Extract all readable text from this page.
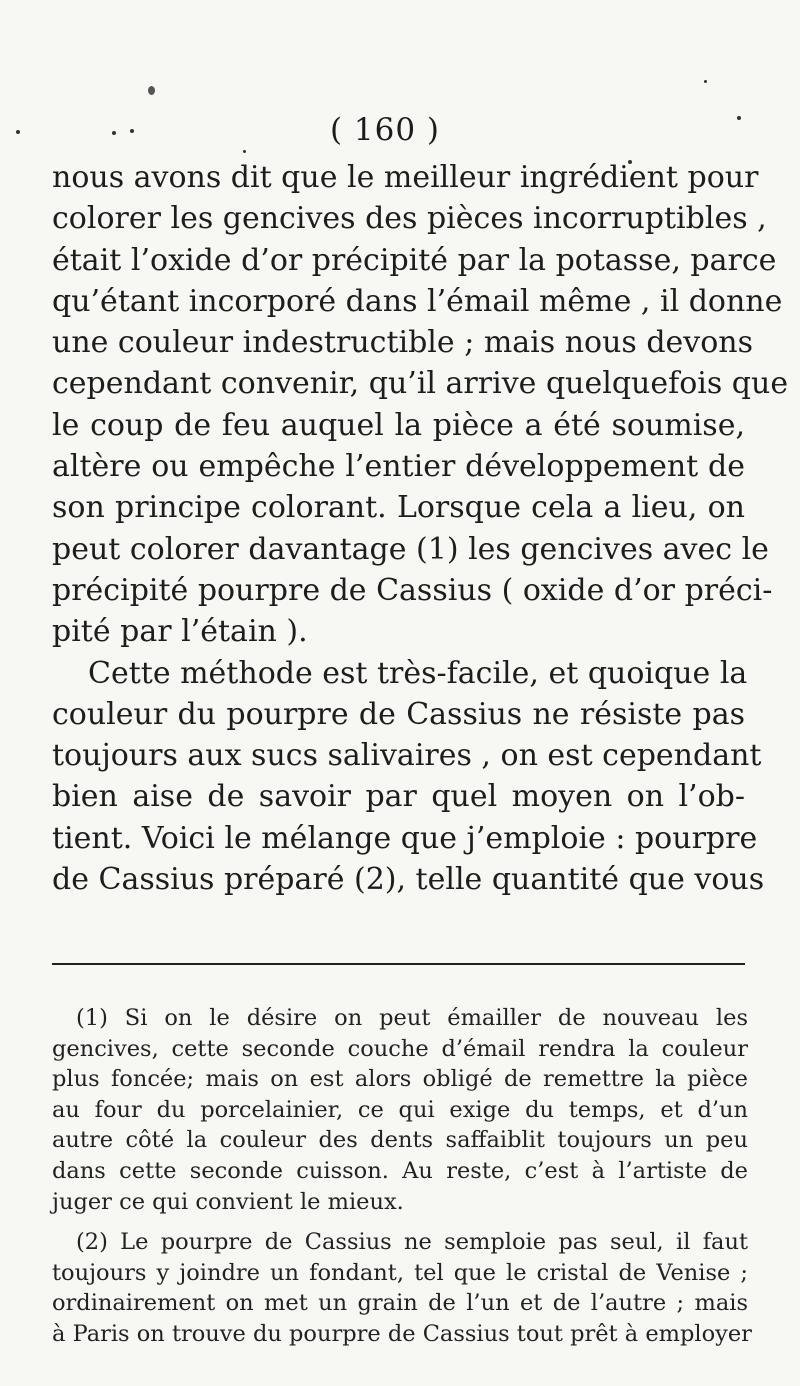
( 160 )
nous avons dit que le meilleur ingrédient pour
colorer les gencives des pièces incorruptibles ,
était l’oxide d’or précipité par la potasse, parce
qu’étant incorporé dans l’émail même , il donne
une couleur indestructible ; mais nous devons
cependant convenir, qu’il arrive quelquefois que
le coup de feu auquel la pièce a été soumise,
altère ou empêche l’entier développement de
son principe colorant. Lorsque cela a lieu, on
peut colorer davantage (1) les gencives avec le
précipité pourpre de Cassius ( oxide d’or préci-
pité par l’étain ).
Cette méthode est très-facile, et quoique la
couleur du pourpre de Cassius ne résiste pas
toujours aux sucs salivaires , on est cependant
bien aise de savoir par quel moyen on l’ob-
tient. Voici le mélange que j’emploie : pourpre
de Cassius préparé (2), telle quantité que vous
(1) Si on le désire on peut émailler de nouveau les
gencives, cette seconde couche d’émail rendra la couleur
plus foncée; mais on est alors obligé de remettre la pièce
au four du porcelainier, ce qui exige du temps, et d’un
autre côté la couleur des dents saffaiblit toujours un peu
dans cette seconde cuisson. Au reste, c’est à l’artiste de
juger ce qui convient le mieux.
(2) Le pourpre de Cassius ne semploie pas seul, il faut
toujours y joindre un fondant, tel que le cristal de Venise ;
ordinairement on met un grain de l’un et de l’autre ; mais
à Paris on trouve du pourpre de Cassius tout prêt à employer
